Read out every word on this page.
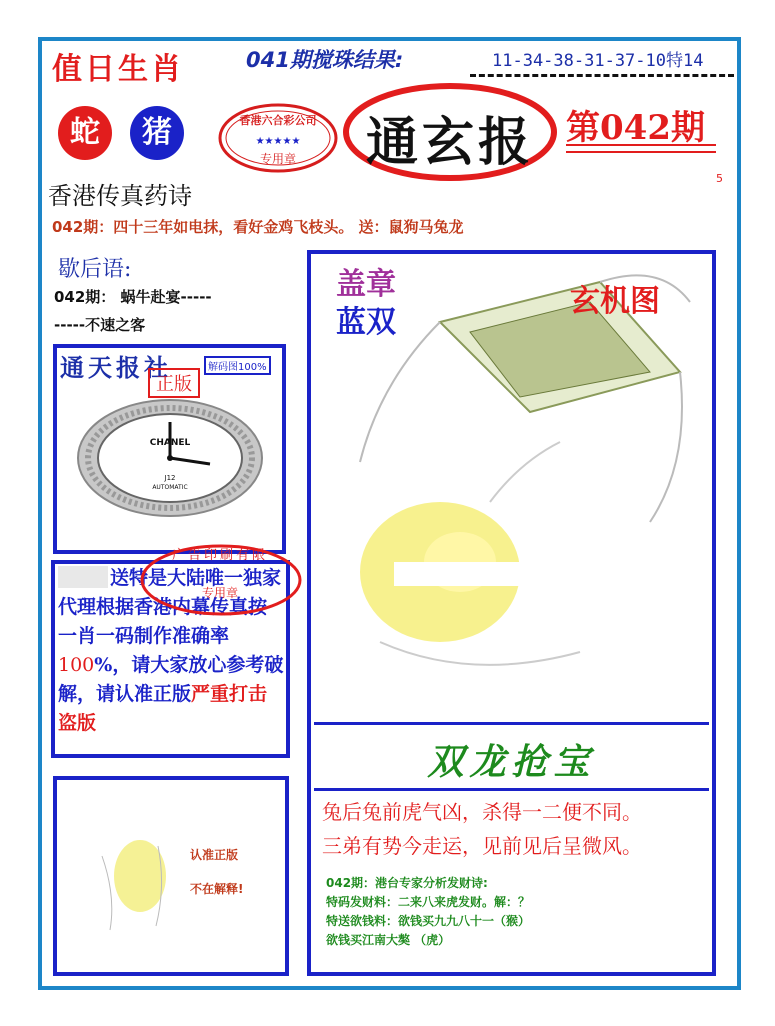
值日生肖	041期搅珠结果:	11-34-38-31-37-10特14
蛇	猪	★★★★★
香港六合彩公司
专用章	通玄报 第042期
5
香港传真药诗
042期：四十三年如电抹，看好金鸡飞枝头。 送：鼠狗马兔龙
歇后语:
042期： 蜗牛赴宴-----
-----不速之客
通天报社	解码图100%
正版
CHANEL
J12
AUTOMATIC
送特是大陆唯一独家代理根据香港内幕传真按一肖一码制作准确率100%，请大家放心参考破解，请认准正版严重打击盗版
广告印刷有限
专用章
认准正版
不在解释!
盖章
蓝双
玄机图
双龙抢宝
兔后兔前虎气凶，杀得一二便不同。
三弟有势今走运，见前见后呈微风。
042期：港台专家分析发财诗:
特码发财料：二来八来虎发财。解：？
特送欲钱料：欲钱买九九八十一（猴）
欲钱买江南大獒 （虎）
